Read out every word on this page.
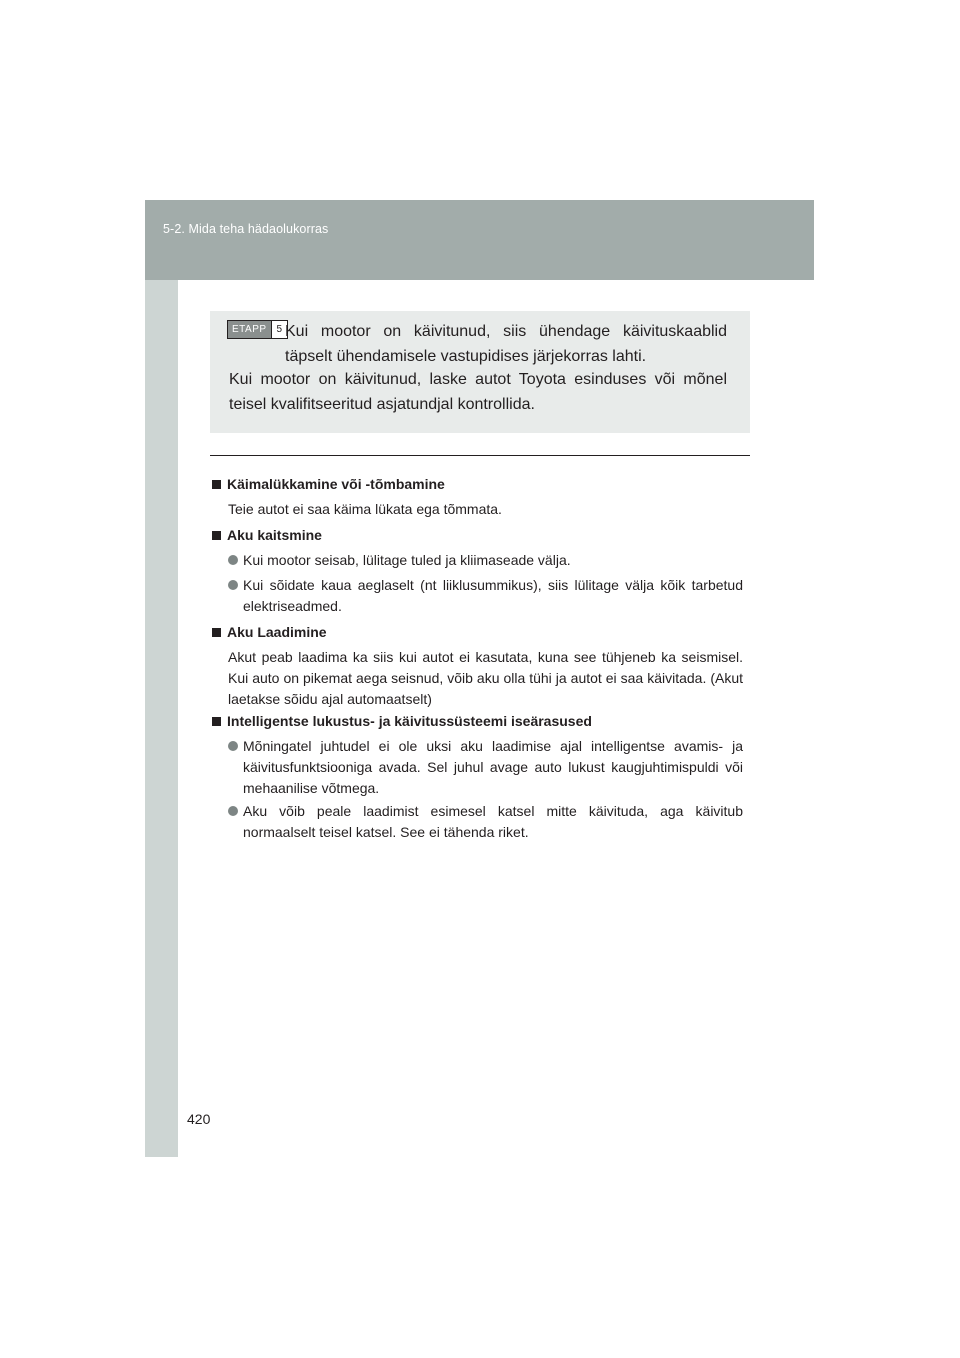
5-2. Mida teha hädaolukorras
ETAPP	5 Kui mootor on käivitunud, siis ühendage käivituskaablid täpselt ühendamisele vastupidises järjekorras lahti.
Kui mootor on käivitunud, laske autot Toyota esinduses või mõnel teisel kvalifitseeritud asjatundjal kontrollida.
Käimalükkamine või -tõmbamine
Teie autot ei saa käima lükata ega tõmmata.
Aku kaitsmine
Kui mootor seisab, lülitage tuled ja kliimaseade välja.
Kui sõidate kaua aeglaselt (nt liiklusummikus), siis lülitage välja kõik tarbetud elektriseadmed.
Aku Laadimine
Akut peab laadima ka siis kui autot ei kasutata, kuna see tühjeneb ka seismisel. Kui auto on pikemat aega seisnud, võib aku olla tühi ja autot ei saa käivitada. (Akut laetakse sõidu ajal automaatselt)
Intelligentse lukustus- ja käivitussüsteemi iseärasused
Mõningatel juhtudel ei ole uksi aku laadimise ajal intelligentse avamis- ja käivitusfunktsiooniga avada. Sel juhul avage auto lukust kaugjuhtimispuldi või mehaanilise võtmega.
Aku võib peale laadimist esimesel katsel mitte käivituda, aga käivitub normaalselt teisel katsel. See ei tähenda riket.
420
